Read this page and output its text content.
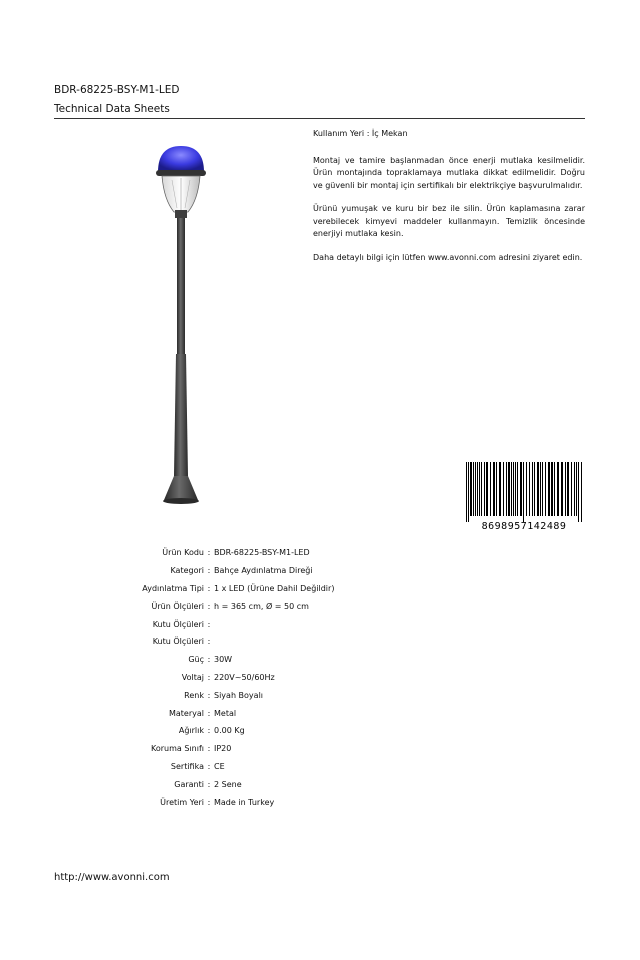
BDR-68225-BSY-M1-LED
Technical Data Sheets

Kullanım Yeri : İç Mekan

Montaj ve tamire başlanmadan önce enerji mutlaka kesilmelidir. Ürün montajında topraklamaya mutlaka dikkat edilmelidir. Doğru ve güvenli bir montaj için sertifikalı bir elektrikçiye başvurulmalıdır.

Ürünü yumuşak ve kuru bir bez ile silin. Ürün kaplamasına zarar verebilecek kimyevi maddeler kullanmayın. Temizlik öncesinde enerjiyi mutlaka kesin.

Daha detaylı bilgi için lütfen www.avonni.com adresini ziyaret edin.

8698957142489
Ürün Kodu : BDR-68225-BSY-M1-LED
Kategori : Bahçe Aydınlatma Direği
Aydınlatma Tipi : 1 x LED (Ürüne Dahil Değildir)
Ürün Ölçüleri : h = 365 cm, Ø = 50 cm
Kutu Ölçüleri :
Kutu Ölçüleri :
Güç : 30W
Voltaj : 220V~50/60Hz
Renk : Siyah Boyalı
Materyal : Metal
Ağırlık : 0.00 Kg
Koruma Sınıfı : IP20
Sertifika : CE
Garanti : 2 Sene
Üretim Yeri : Made in Turkey
http://www.avonni.com
